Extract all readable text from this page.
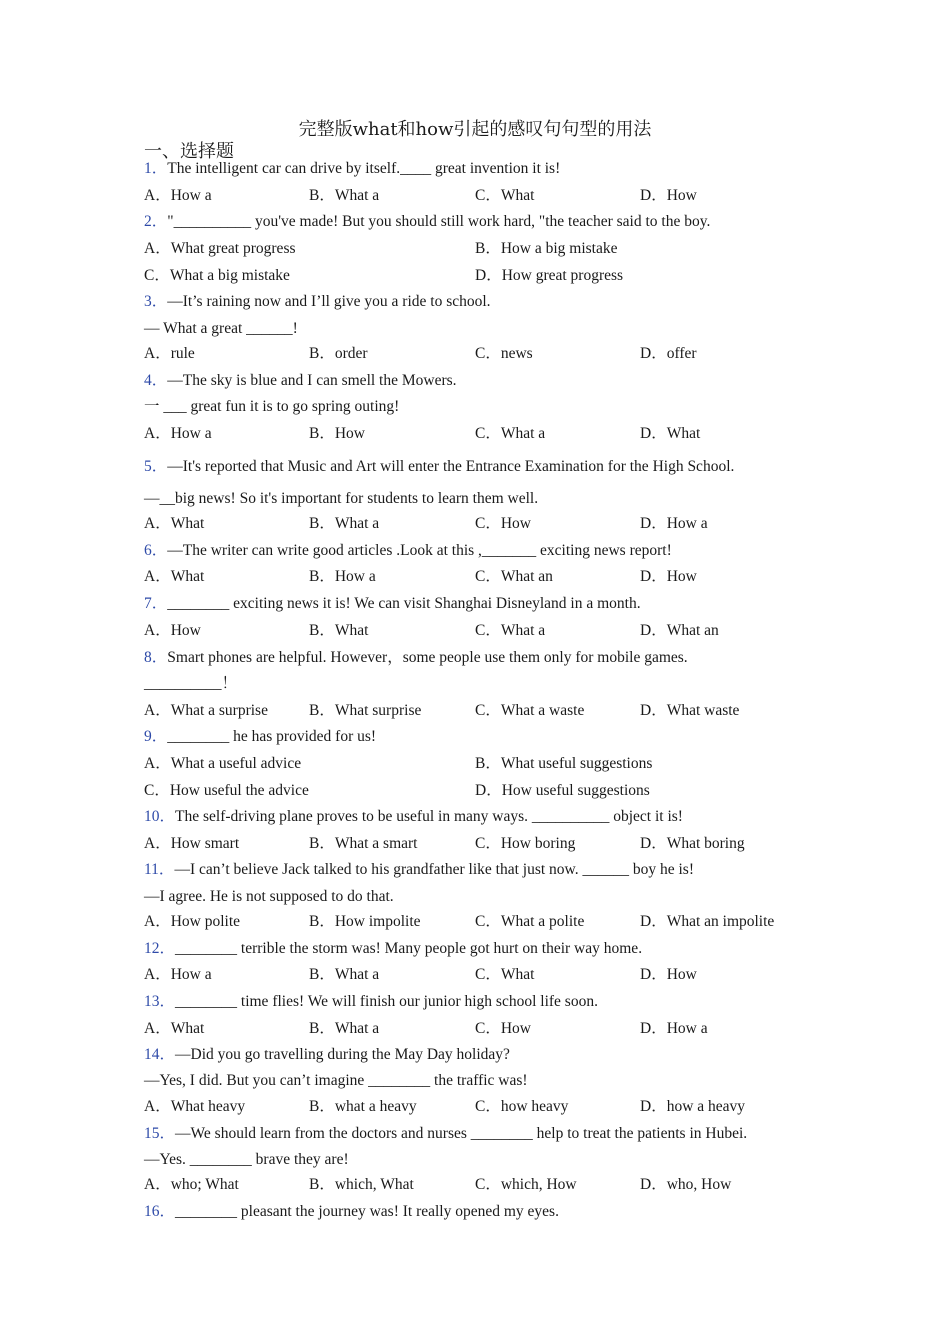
完整版what和how引起的感叹句句型的用法
一、选择题
1．The intelligent car can drive by itself.____ great invention it is!
A．How a	B．What a	C．What	D．How
2．"__________ you've made! But you should still work hard, "the teacher said to the boy.
A．What great progress	B．How a big mistake
C．What a big mistake	D．How great progress
3．—It’s raining now and I’ll give you a ride to school.
— What a great ______!
A．rule	B．order	C．news	D．offer
4．—The sky is blue and I can smell the Mowers.
一 ___ great fun it is to go spring outing!
A．How a	B．How	C．What a	D．What
5．—It's reported that Music and Art will enter the Entrance Examination for the High School.
—__big news! So it's important for students to learn them well.
A．What	B．What a	C．How	D．How a
6．—The writer can write good articles .Look at this ,_______ exciting news report!
A．What	B．How a	C．What an	D．How
7．________ exciting news it is! We can visit Shanghai Disneyland in a month.
A．How	B．What	C．What a	D．What an
8．Smart phones are helpful. However，some people use them only for mobile games.
__________！
A．What a surprise	B．What surprise	C．What a waste	D．What waste
9．________ he has provided for us!
A．What a useful advice	B．What useful suggestions
C．How useful the advice	D．How useful suggestions
10．The self-driving plane proves to be useful in many ways. __________ object it is!
A．How smart	B．What a smart	C．How boring	D．What boring
11．—I can’t believe Jack talked to his grandfather like that just now. ______ boy he is!
—I agree. He is not supposed to do that.
A．How polite	B．How impolite	C．What a polite	D．What an impolite
12．________ terrible the storm was! Many people got hurt on their way home.
A．How a	B．What a	C．What	D．How
13．________ time flies! We will finish our junior high school life soon.
A．What	B．What a	C．How	D．How a
14．—Did you go travelling during the May Day holiday?
—Yes, I did. But you can’t imagine ________ the traffic was!
A．What heavy	B．what a heavy	C．how heavy	D．how a heavy
15．—We should learn from the doctors and nurses ________ help to treat the patients in Hubei.
—Yes. ________ brave they are!
A．who; What	B．which, What	C．which, How	D．who, How
16．________ pleasant the journey was! It really opened my eyes.
